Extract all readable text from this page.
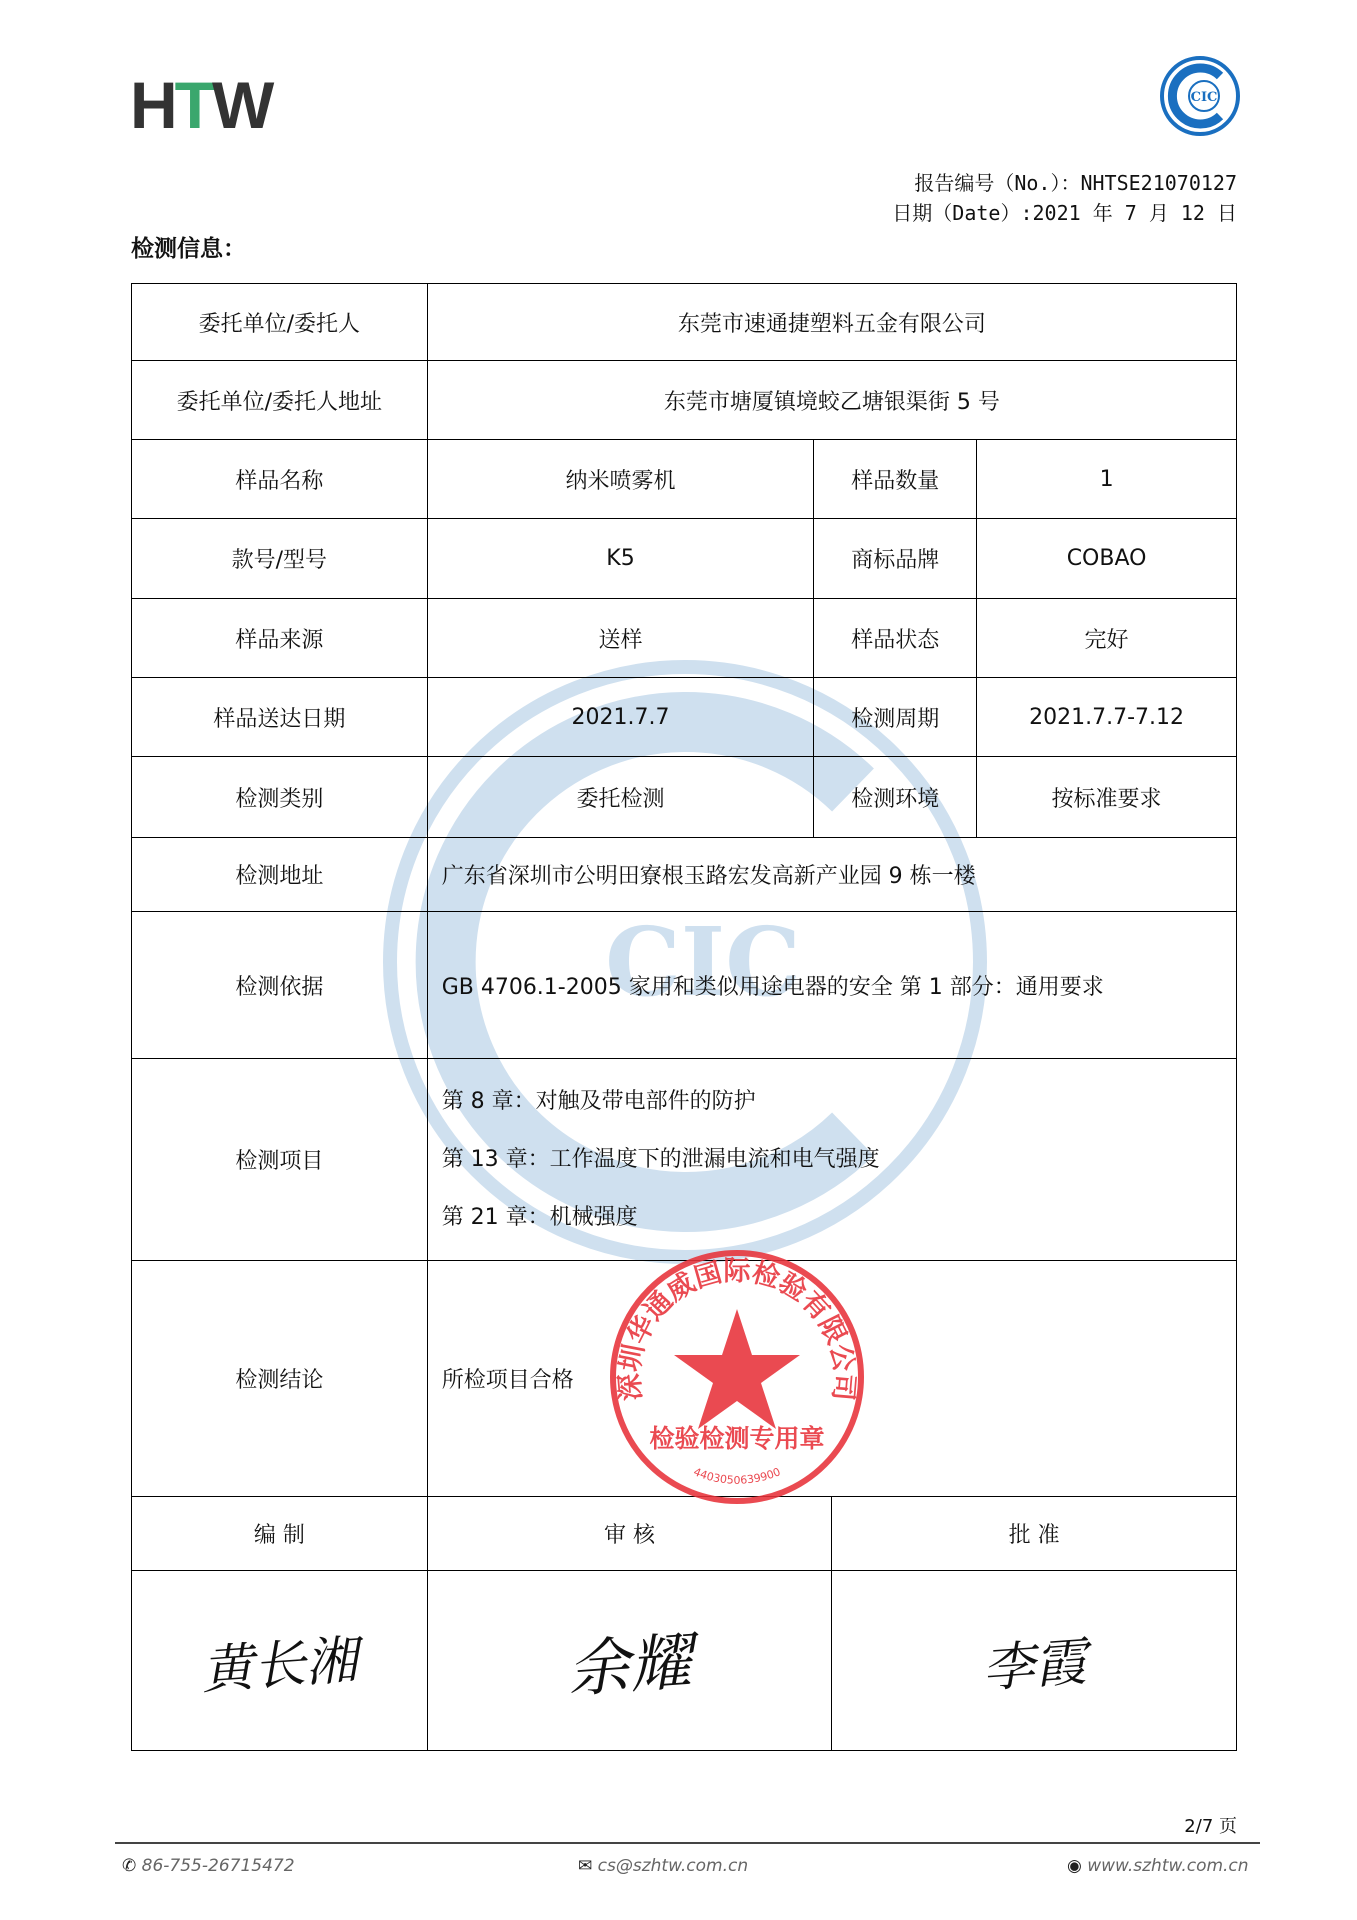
HTW	CIC
报告编号（No.）：NHTSE21070127
日期（Date）:2021 年 7 月 12 日
检测信息：
CIC
委托单位/委托人	东莞市速通捷塑料五金有限公司			
委托单位/委托人地址	东莞市塘厦镇境蛟乙塘银渠街 5 号			
样品名称	纳米喷雾机	样品数量		1
款号/型号	K5	商标品牌		COBAO
样品来源	送样	样品状态		完好
样品送达日期	2021.7.7	检测周期		2021.7.7-7.12
检测类别	委托检测	检测环境		按标准要求
检测地址	广东省深圳市公明田寮根玉路宏发高新产业园 9 栋一楼			
检测依据	GB 4706.1-2005 家用和类似用途电器的安全 第 1 部分：通用要求			
检测项目	第 8 章：对触及带电部件的防护
第 13 章：工作温度下的泄漏电流和电气强度
第 21 章：机械强度			

检测结论	所检项目合格			
编 制	审 核		批 准	
黄长湘	余耀		李霞	
深圳华通威国际检验有限公司
检验检测专用章
4403050639900
2/7 页
✆ 86-755-26715472	✉ cs@szhtw.com.cn	◉ www.szhtw.com.cn
